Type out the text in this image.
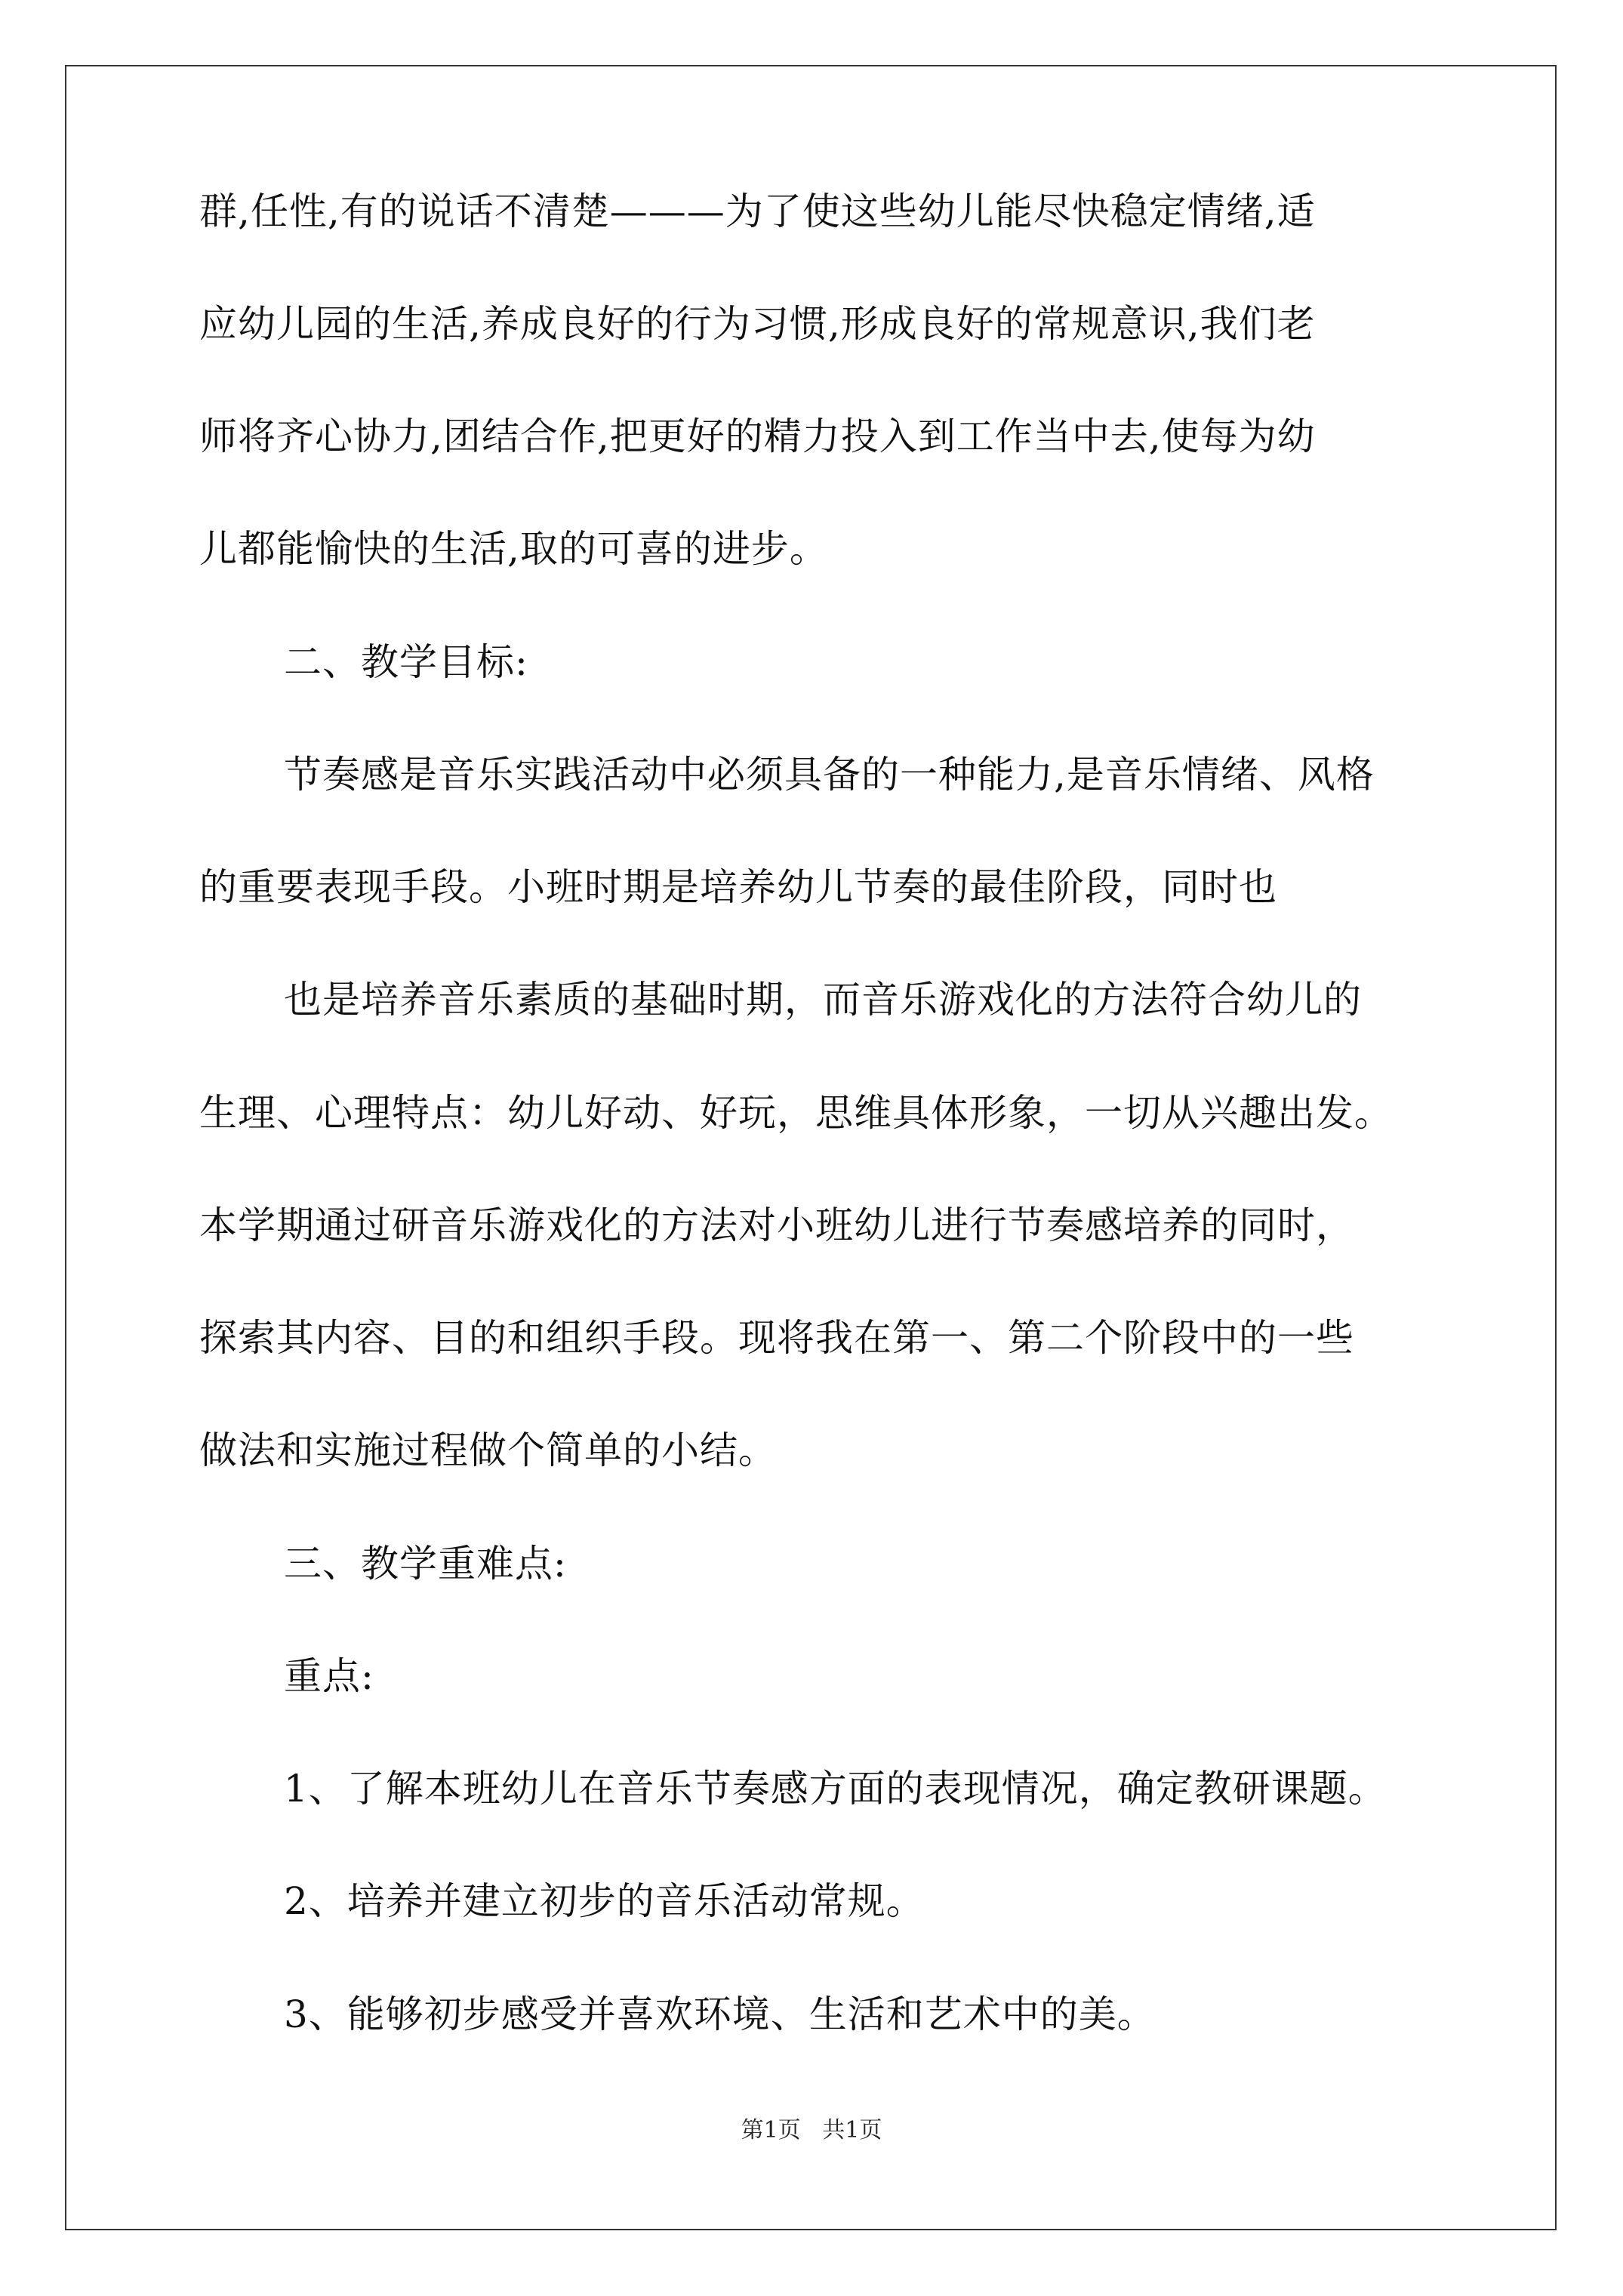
群,任性,有的说话不清楚———为了使这些幼儿能尽快稳定情绪,适
应幼儿园的生活,养成良好的行为习惯,形成良好的常规意识,我们老
师将齐心协力,团结合作,把更好的精力投入到工作当中去,使每为幼
儿都能愉快的生活,取的可喜的进步。
二、教学目标:
节奏感是音乐实践活动中必须具备的一种能力,是音乐情绪、风格
的重要表现手段。小班时期是培养幼儿节奏的最佳阶段，同时也
也是培养音乐素质的基础时期，而音乐游戏化的方法符合幼儿的
生理、心理特点：幼儿好动、好玩，思维具体形象，一切从兴趣出发。
本学期通过研音乐游戏化的方法对小班幼儿进行节奏感培养的同时，
探索其内容、目的和组织手段。现将我在第一、第二个阶段中的一些
做法和实施过程做个简单的小结。
三、教学重难点:
重点:
1、了解本班幼儿在音乐节奏感方面的表现情况，确定教研课题。
2、培养并建立初步的音乐活动常规。
3、能够初步感受并喜欢环境、生活和艺术中的美。
第1页   共1页
